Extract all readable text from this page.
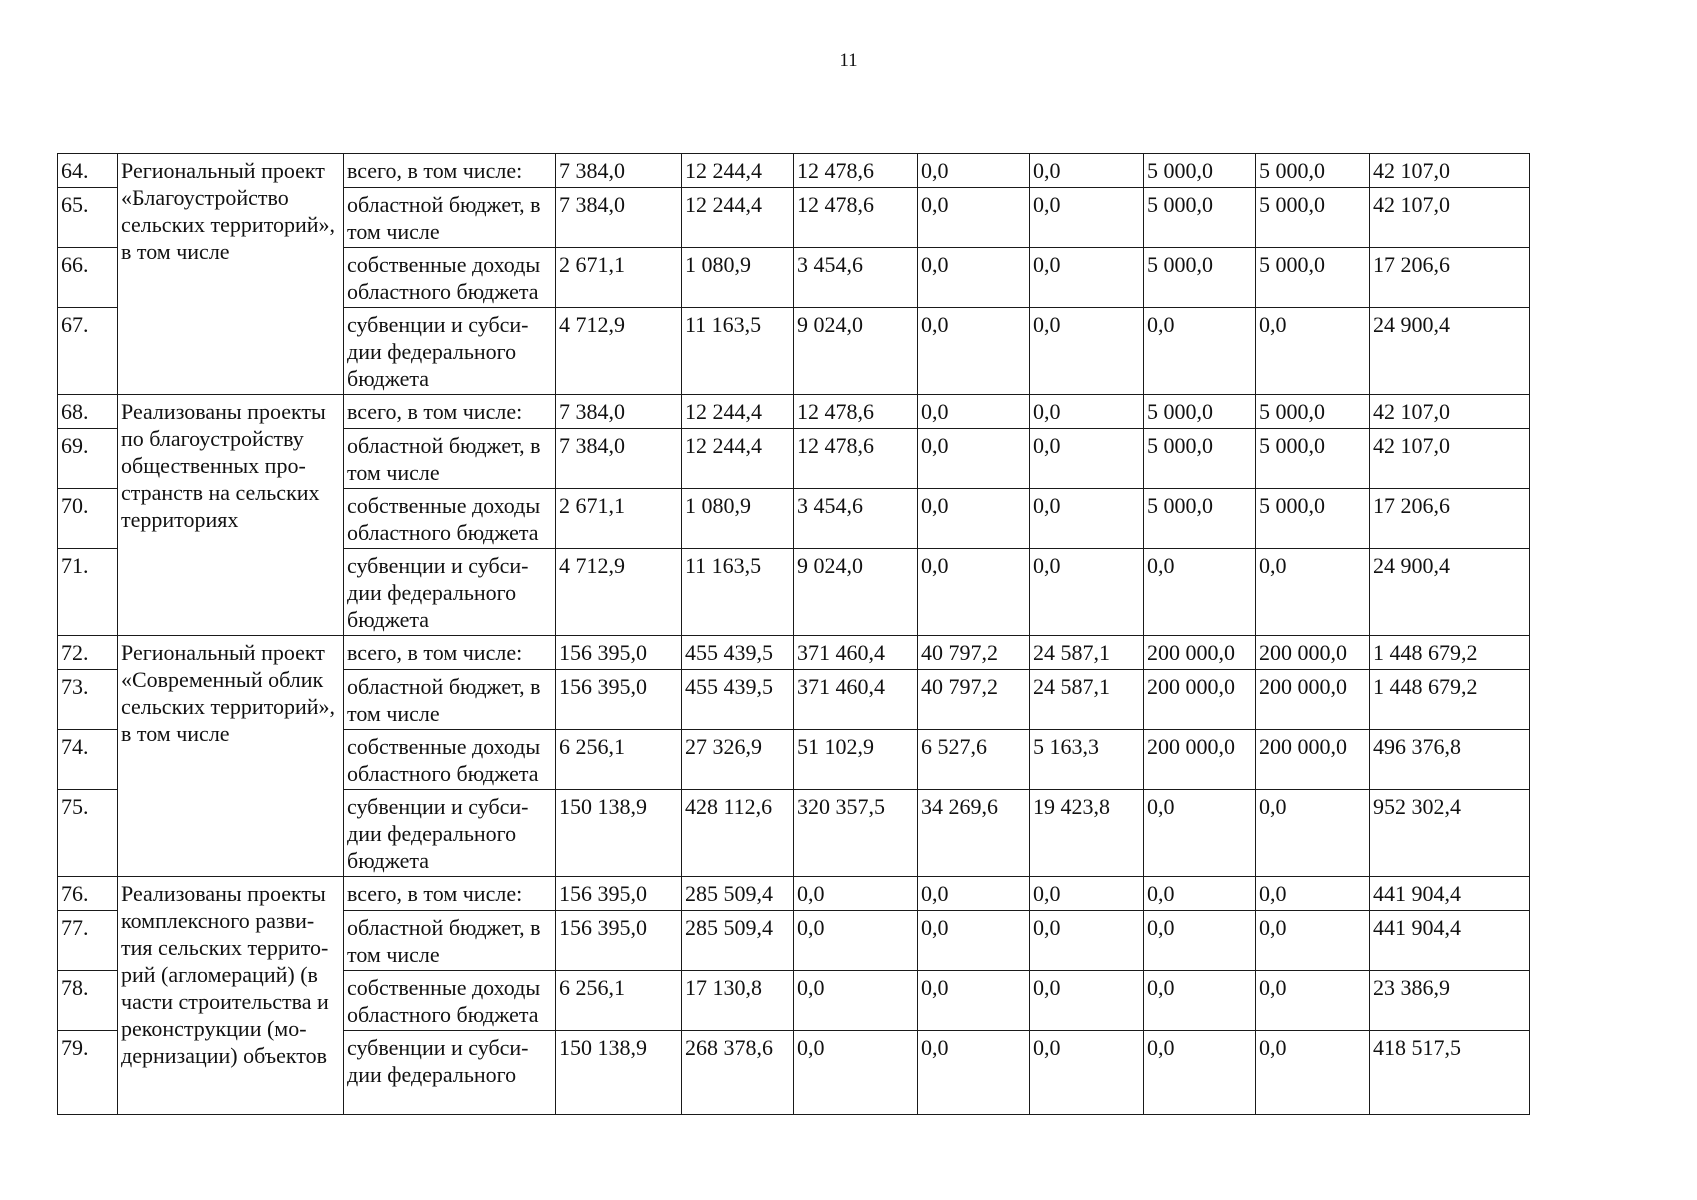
11
64.	Региональный проект «Благоустройство сельских территорий», в том числе	всего, в том числе:	7 384,0	12 244,4	12 478,6	0,0	0,0	5 000,0	5 000,0	42 107,0
65.		областной бюджет, в том числе	7 384,0	12 244,4	12 478,6	0,0	0,0	5 000,0	5 000,0	42 107,0
66.		собственные доходы областного бюджета	2 671,1	1 080,9	3 454,6	0,0	0,0	5 000,0	5 000,0	17 206,6
67.		субвенции и субси-дии федерального бюджета	4 712,9	11 163,5	9 024,0	0,0	0,0	0,0	0,0	24 900,4
68.	Реализованы проекты по благоустройству общественных про-странств на сельских территориях	всего, в том числе:	7 384,0	12 244,4	12 478,6	0,0	0,0	5 000,0	5 000,0	42 107,0
69.		областной бюджет, в том числе	7 384,0	12 244,4	12 478,6	0,0	0,0	5 000,0	5 000,0	42 107,0
70.		собственные доходы областного бюджета	2 671,1	1 080,9	3 454,6	0,0	0,0	5 000,0	5 000,0	17 206,6
71.		субвенции и субси-дии федерального бюджета	4 712,9	11 163,5	9 024,0	0,0	0,0	0,0	0,0	24 900,4
72.	Региональный проект «Современный облик сельских территорий», в том числе	всего, в том числе:	156 395,0	455 439,5	371 460,4	40 797,2	24 587,1	200 000,0	200 000,0	1 448 679,2
73.		областной бюджет, в том числе	156 395,0	455 439,5	371 460,4	40 797,2	24 587,1	200 000,0	200 000,0	1 448 679,2
74.		собственные доходы областного бюджета	6 256,1	27 326,9	51 102,9	6 527,6	5 163,3	200 000,0	200 000,0	496 376,8
75.		субвенции и субси-дии федерального бюджета	150 138,9	428 112,6	320 357,5	34 269,6	19 423,8	0,0	0,0	952 302,4
76.	Реализованы проекты комплексного разви-тия сельских террито-рий (агломераций) (в части строительства и реконструкции (мо-дернизации) объектов	всего, в том числе:	156 395,0	285 509,4	0,0	0,0	0,0	0,0	0,0	441 904,4
77.		областной бюджет, в том числе	156 395,0	285 509,4	0,0	0,0	0,0	0,0	0,0	441 904,4
78.		собственные доходы областного бюджета	6 256,1	17 130,8	0,0	0,0	0,0	0,0	0,0	23 386,9
79.		субвенции и субси-дии федерального	150 138,9	268 378,6	0,0	0,0	0,0	0,0	0,0	418 517,5
